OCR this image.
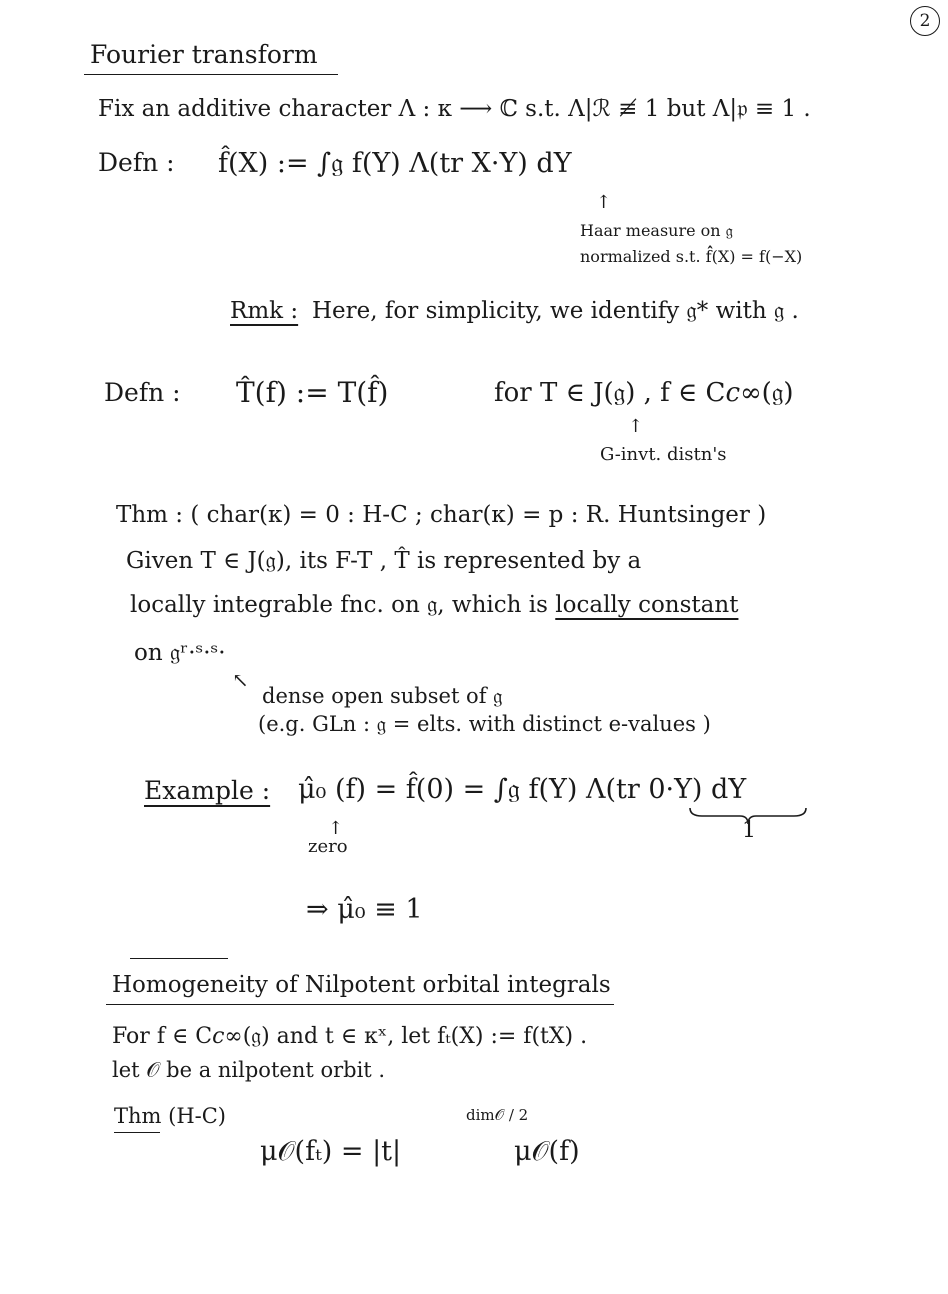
2
Fourier transform
Fix an additive character Λ : κ ⟶ ℂ s.t. Λ|ℛ ≢ 1 but Λ|𝔭 ≡ 1 .
Defn : f̂(X) := ∫𝔤 f(Y) Λ(tr X·Y) dY
↑
Haar measure on 𝔤
normalized s.t. f̂̂(X) = f(−X)
Rmk : Here, for simplicity, we identify 𝔤* with 𝔤 .
Defn : T̂(f) := T(f̂)	for T ∈ J(𝔤) , f ∈ C𝑐∞(𝔤)
↑
G-invt. distn's
Thm : ( char(κ) = 0 : H-C ; char(κ) = p : R. Huntsinger )
Given T ∈ J(𝔤), its F-T , T̂ is represented by a
locally integrable fnc. on 𝔤, which is locally constant
on 𝔤ʳ·ˢ·ˢ·
↖
dense open subset of 𝔤
(e.g. GLn : 𝔤 = elts. with distinct e-values )
Example : μ̂₀ (f) = f̂(0) = ∫𝔤 f(Y) Λ(tr 0·Y) dY
1
↑
zero
⇒ μ̂₀ ≡ 1
Homogeneity of Nilpotent orbital integrals
For f ∈ C𝑐∞(𝔤) and t ∈ κˣ, let fₜ(X) := f(tX) .
let 𝒪 be a nilpotent orbit .
Thm (H-C)
μ𝒪(fₜ) = |t|
dim𝒪 / 2
μ𝒪(f)
